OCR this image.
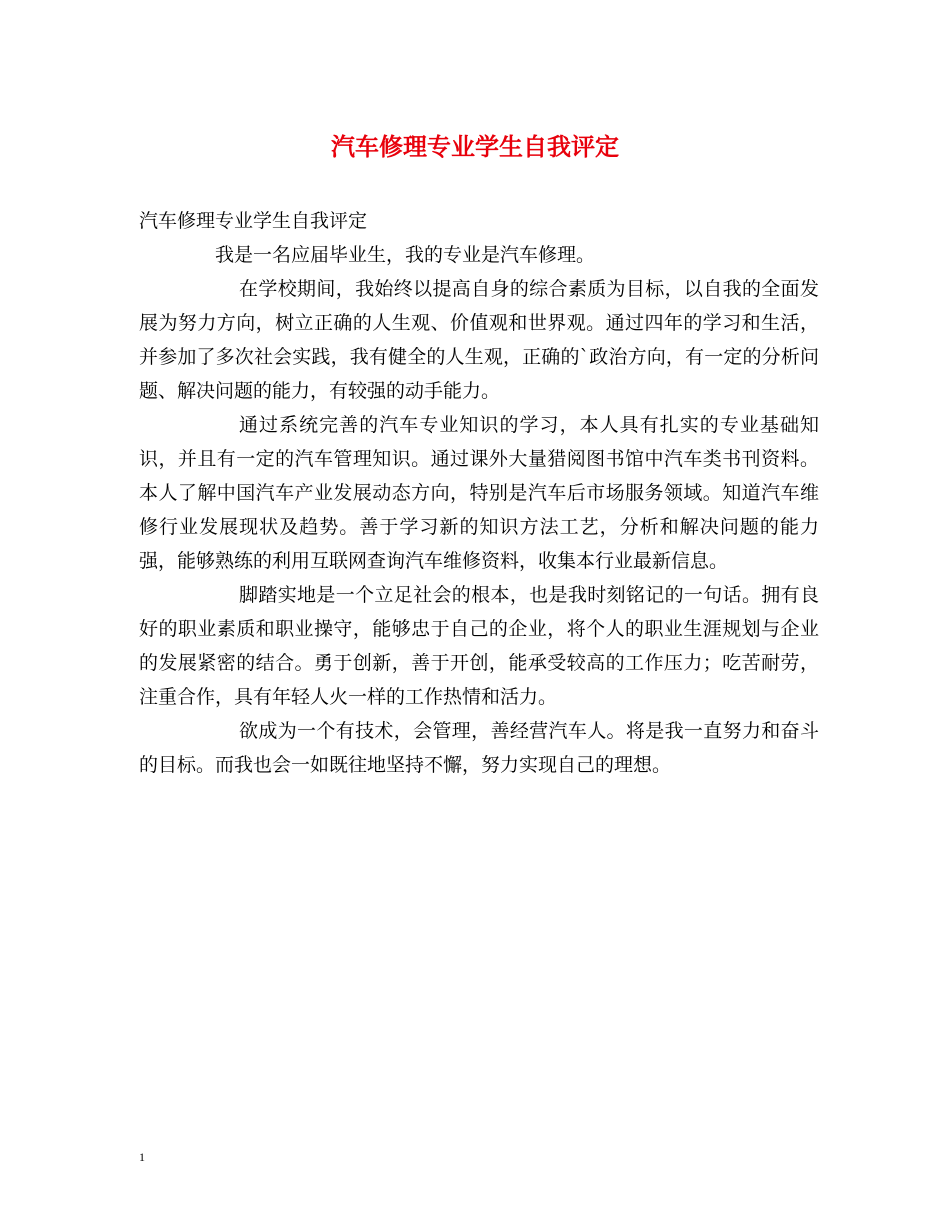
汽车修理专业学生自我评定

汽车修理专业学生自我评定

我是一名应届毕业生，我的专业是汽车修理。

在学校期间，我始终以提高自身的综合素质为目标，以自我的全面发展为努力方向，树立正确的人生观、价值观和世界观。通过四年的学习和生活，并参加了多次社会实践，我有健全的人生观，正确的`政治方向，有一定的分析问题、解决问题的能力，有较强的动手能力。

通过系统完善的汽车专业知识的学习，本人具有扎实的专业基础知识，并且有一定的汽车管理知识。通过课外大量猎阅图书馆中汽车类书刊资料。本人了解中国汽车产业发展动态方向，特别是汽车后市场服务领域。知道汽车维修行业发展现状及趋势。善于学习新的知识方法工艺，分析和解决问题的能力强，能够熟练的利用互联网查询汽车维修资料，收集本行业最新信息。

脚踏实地是一个立足社会的根本，也是我时刻铭记的一句话。拥有良好的职业素质和职业操守，能够忠于自己的企业，将个人的职业生涯规划与企业的发展紧密的结合。勇于创新，善于开创，能承受较高的工作压力；吃苦耐劳，注重合作，具有年轻人火一样的工作热情和活力。

欲成为一个有技术，会管理，善经营汽车人。将是我一直努力和奋斗的目标。而我也会一如既往地坚持不懈，努力实现自己的理想。

1
